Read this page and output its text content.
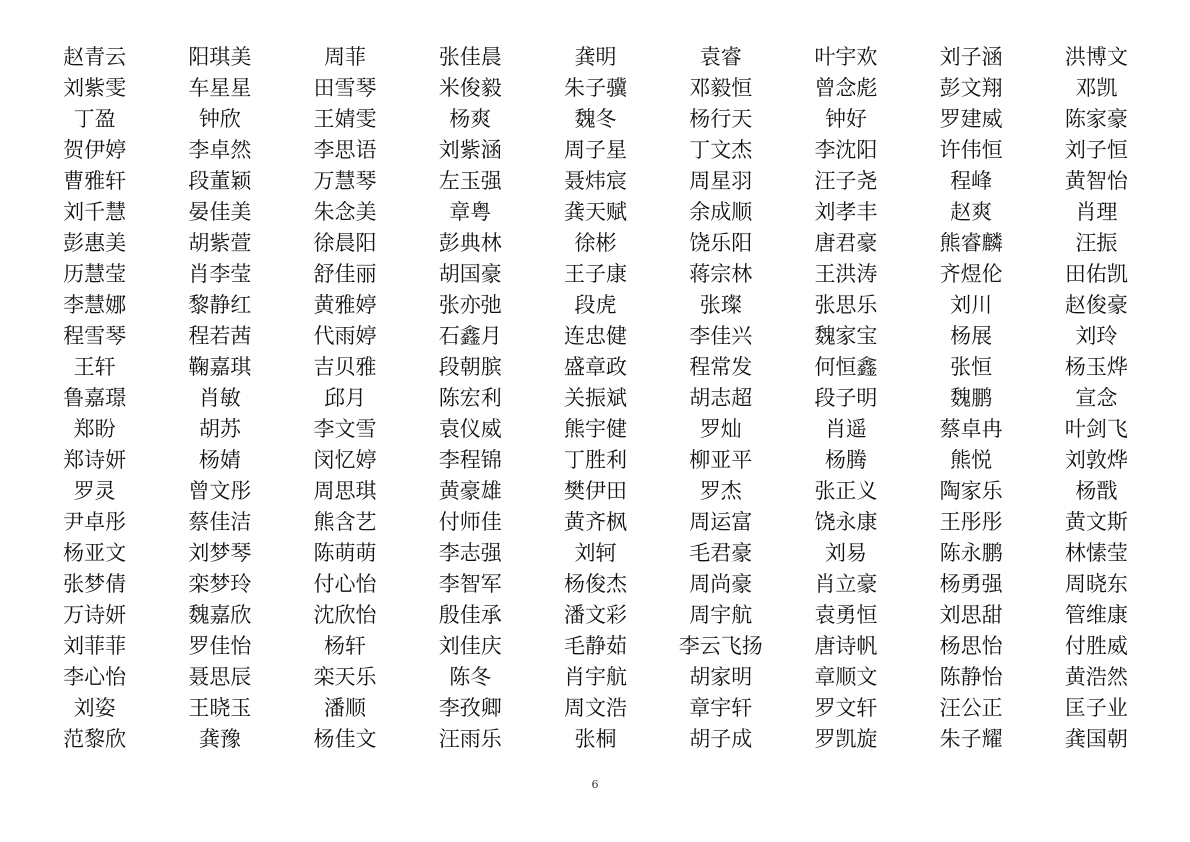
赵青云	阳琪美	周菲	张佳晨	龚明	袁睿	叶宇欢	刘子涵	洪博文
刘紫雯	车星星	田雪琴	米俊毅	朱子骥	邓毅恒	曾念彪	彭文翔	邓凯
丁盈	钟欣	王婧雯	杨爽	魏冬	杨行天	钟好	罗建威	陈家豪
贺伊婷	李卓然	李思语	刘紫涵	周子星	丁文杰	李沈阳	许伟恒	刘子恒
曹雅轩	段董颖	万慧琴	左玉强	聂炜宸	周星羽	汪子尧	程峰	黄智怡
刘千慧	晏佳美	朱念美	章粤	龚天赋	余成顺	刘孝丰	赵爽	肖理
彭惠美	胡紫萱	徐晨阳	彭典林	徐彬	饶乐阳	唐君豪	熊睿麟	汪振
历慧莹	肖李莹	舒佳丽	胡国豪	王子康	蒋宗林	王洪涛	齐煜伦	田佑凯
李慧娜	黎静红	黄雅婷	张亦弛	段虎	张璨	张思乐	刘川	赵俊豪
程雪琴	程若茜	代雨婷	石鑫月	连忠健	李佳兴	魏家宝	杨展	刘玲
王轩	鞠嘉琪	吉贝雅	段朝膑	盛章政	程常发	何恒鑫	张恒	杨玉烨
鲁嘉璟	肖敏	邱月	陈宏利	关振斌	胡志超	段子明	魏鹏	宣念
郑盼	胡苏	李文雪	袁仪威	熊宇健	罗灿	肖遥	蔡卓冉	叶剑飞
郑诗妍	杨婧	闵忆婷	李程锦	丁胜利	柳亚平	杨腾	熊悦	刘敦烨
罗灵	曾文彤	周思琪	黄豪雄	樊伊田	罗杰	张正义	陶家乐	杨戬
尹卓彤	蔡佳洁	熊含艺	付师佳	黄齐枫	周运富	饶永康	王彤彤	黄文斯
杨亚文	刘梦琴	陈萌萌	李志强	刘轲	毛君豪	刘易	陈永鹏	林愫莹
张梦倩	栾梦玲	付心怡	李智军	杨俊杰	周尚豪	肖立豪	杨勇强	周晓东
万诗妍	魏嘉欣	沈欣怡	殷佳承	潘文彩	周宇航	袁勇恒	刘思甜	管维康
刘菲菲	罗佳怡	杨轩	刘佳庆	毛静茹	李云飞扬	唐诗帆	杨思怡	付胜威
李心怡	聂思辰	栾天乐	陈冬	肖宇航	胡家明	章顺文	陈静怡	黄浩然
刘姿	王晓玉	潘顺	李孜卿	周文浩	章宇轩	罗文轩	汪公正	匡子业
范黎欣	龚豫	杨佳文	汪雨乐	张桐	胡子成	罗凯旋	朱子耀	龚国朝
6
